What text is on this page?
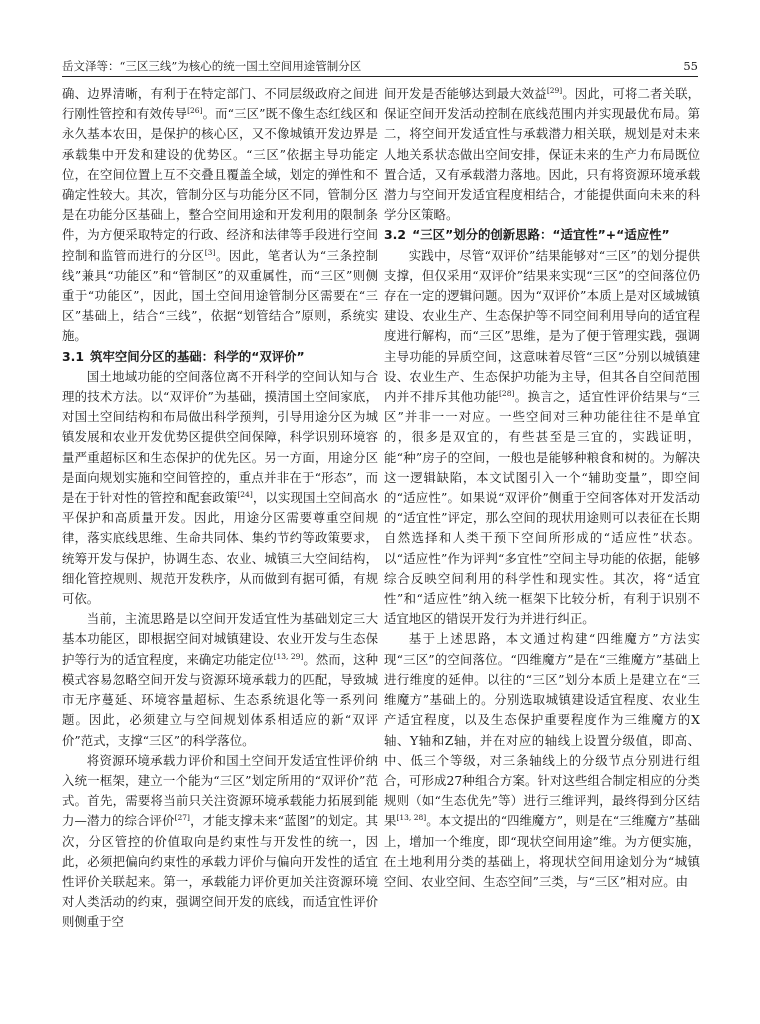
岳文泽等：“三区三线”为核心的统一国土空间用途管制分区	55

确、边界清晰，有利于在特定部门、不同层级政府之间进行刚性管控和有效传导[26]。而“三区”既不像生态红线区和永久基本农田，是保护的核心区，又不像城镇开发边界是承载集中开发和建设的优势区。“三区”依据主导功能定位，在空间位置上互不交叠且覆盖全域，划定的弹性和不确定性较大。其次，管制分区与功能分区不同，管制分区是在功能分区基础上，整合空间用途和开发利用的限制条件，为方便采取特定的行政、经济和法律等手段进行空间控制和监管而进行的分区[3]。因此，笔者认为“三条控制线”兼具“功能区”和“管制区”的双重属性，而“三区”则侧重于“功能区”，因此，国土空间用途管制分区需要在“三区”基础上，结合“三线”，依据“划管结合”原则，系统实施。

3.1 筑牢空间分区的基础：科学的“双评价”

国土地域功能的空间落位离不开科学的空间认知与合理的技术方法。以“双评价”为基础，摸清国土空间家底，对国土空间结构和布局做出科学预判，引导用途分区为城镇发展和农业开发优势区提供空间保障，科学识别环境容量严重超标区和生态保护的优先区。另一方面，用途分区是面向规划实施和空间管控的，重点并非在于“形态”，而是在于针对性的管控和配套政策[24]，以实现国土空间高水平保护和高质量开发。因此，用途分区需要尊重空间规律，落实底线思维、生命共同体、集约节约等政策要求，统筹开发与保护，协调生态、农业、城镇三大空间结构，细化管控规则、规范开发秩序，从而做到有据可循，有规可依。

当前，主流思路是以空间开发适宜性为基础划定三大基本功能区，即根据空间对城镇建设、农业开发与生态保护等行为的适宜程度，来确定功能定位[13, 29]。然而，这种模式容易忽略空间开发与资源环境承载力的匹配，导致城市无序蔓延、环境容量超标、生态系统退化等一系列问题。因此，必须建立与空间规划体系相适应的新“双评价”范式，支撑“三区”的科学落位。

将资源环境承载力评价和国土空间开发适宜性评价纳入统一框架，建立一个能为“三区”划定所用的“双评价”范式。首先，需要将当前只关注资源环境承载能力拓展到能力—潜力的综合评价[27]，才能支撑未来“蓝图”的划定。其次，分区管控的价值取向是约束性与开发性的统一，因此，必须把偏向约束性的承载力评价与偏向开发性的适宜性评价关联起来。第一，承载能力评价更加关注资源环境对人类活动的约束，强调空间开发的底线，而适宜性评价则侧重于空

间开发是否能够达到最大效益[29]。因此，可将二者关联，保证空间开发活动控制在底线范围内并实现最优布局。第二，将空间开发适宜性与承载潜力相关联，规划是对未来人地关系状态做出空间安排，保证未来的生产力布局既位置合适，又有承载潜力落地。因此，只有将资源环境承载潜力与空间开发适宜程度相结合，才能提供面向未来的科学分区策略。

3.2 “三区”划分的创新思路：“适宜性”+“适应性”

实践中，尽管“双评价”结果能够对“三区”的划分提供支撑，但仅采用“双评价”结果来实现“三区”的空间落位仍存在一定的逻辑问题。因为“双评价”本质上是对区域城镇建设、农业生产、生态保护等不同空间利用导向的适宜程度进行解构，而“三区”思维，是为了便于管理实践，强调主导功能的异质空间，这意味着尽管“三区”分别以城镇建设、农业生产、生态保护功能为主导，但其各自空间范围内并不排斥其他功能[28]。换言之，适宜性评价结果与“三区”并非一一对应。一些空间对三种功能往往不是单宜的，很多是双宜的，有些甚至是三宜的，实践证明，能“种”房子的空间，一般也是能够种粮食和树的。为解决这一逻辑缺陷，本文试图引入一个“辅助变量”，即空间的“适应性”。如果说“双评价”侧重于空间客体对开发活动的“适宜性”评定，那么空间的现状用途则可以表征在长期自然选择和人类干预下空间所形成的“适应性”状态。以“适应性”作为评判“多宜性”空间主导功能的依据，能够综合反映空间利用的科学性和现实性。其次，将“适宜性”和“适应性”纳入统一框架下比较分析，有利于识别不适宜地区的错误开发行为并进行纠正。

基于上述思路，本文通过构建“四维魔方”方法实现“三区”的空间落位。“四维魔方”是在“三维魔方”基础上进行维度的延伸。以往的“三区”划分本质上是建立在“三维魔方”基础上的。分别选取城镇建设适宜程度、农业生产适宜程度，以及生态保护重要程度作为三维魔方的X轴、Y轴和Z轴，并在对应的轴线上设置分级值，即高、中、低三个等级，对三条轴线上的分级节点分别进行组合，可形成27种组合方案。针对这些组合制定相应的分类规则（如“生态优先”等）进行三维评判，最终得到分区结果[13, 28]。本文提出的“四维魔方”，则是在“三维魔方”基础上，增加一个维度，即“现状空间用途”维。为方便实施，在土地利用分类的基础上，将现状空间用途划分为“城镇空间、农业空间、生态空间”三类，与“三区”相对应。由
